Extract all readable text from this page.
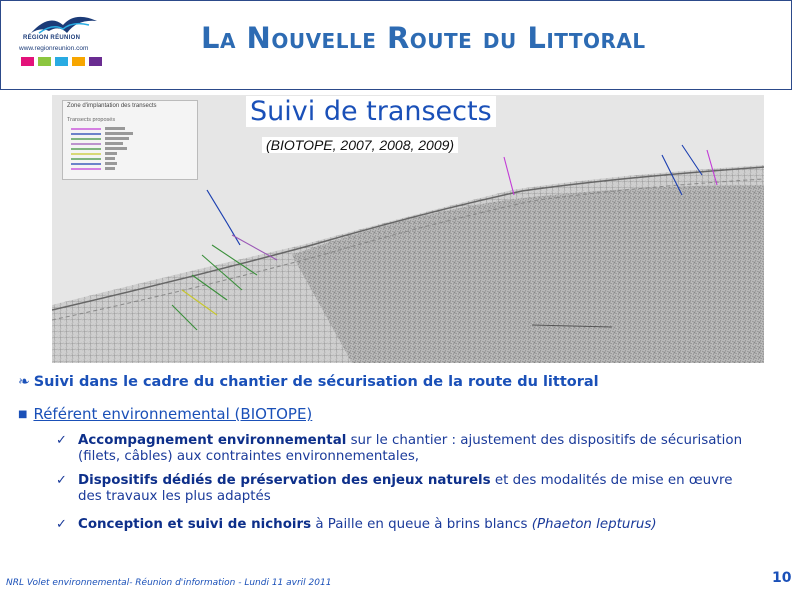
RÉGION RÉUNION
www.regionreunion.com	La Nouvelle Route du Littoral
Zone d'implantation des transects
Transects proposés	Suivi de transects
(BIOTOPE, 2007, 2008, 2009)
❧ Suivi dans le cadre du chantier de sécurisation de la route du littoral
■ Référent environnemental (BIOTOPE)
✓ Accompagnement environnemental sur le chantier : ajustement des dispositifs de sécurisation (filets, câbles) aux contraintes environnementales,
✓ Dispositifs dédiés de préservation des enjeux naturels et des modalités de mise en œuvre des travaux les plus adaptés
✓ Conception et suivi de nichoirs à Paille en queue à brins blancs (Phaeton lepturus)
NRL Volet environnemental- Réunion d'information - Lundi 11 avril 2011	10
